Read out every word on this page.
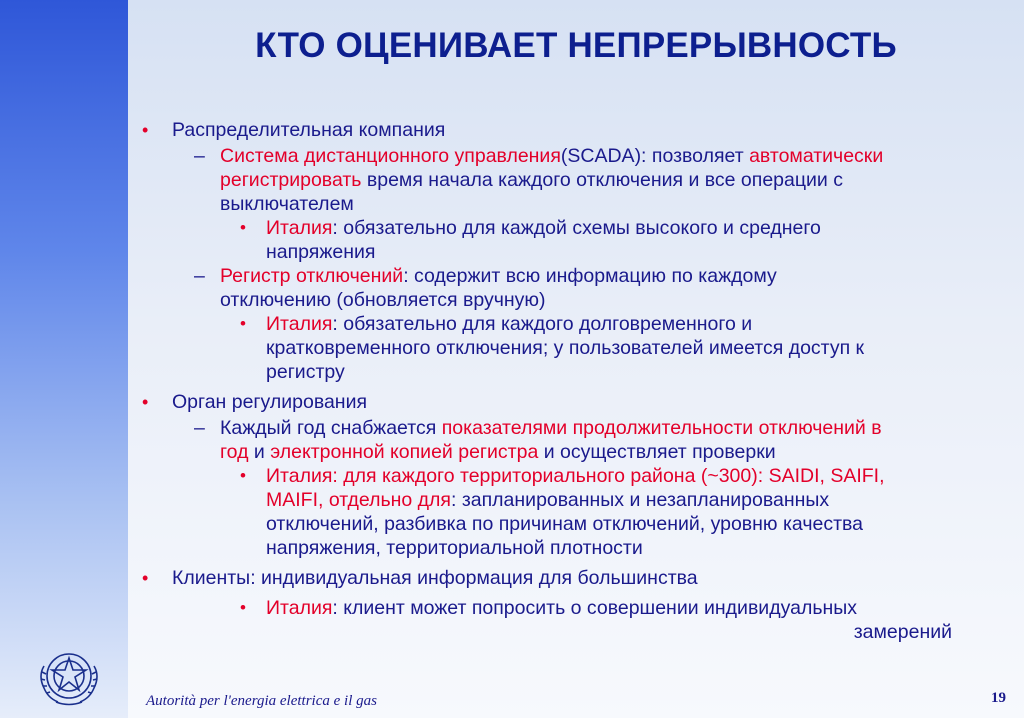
КТО ОЦЕНИВАЕТ НЕПРЕРЫВНОСТЬ
• Распределительная компания
– Система дистанционного управления(SCADA): позволяет автоматически
регистрировать время начала каждого отключения и все операции с
выключателем
• Италия: обязательно для каждой схемы высокого и среднего
напряжения
– Регистр отключений: содержит всю информацию по каждому
отключению (обновляется вручную)
• Италия: обязательно для каждого долговременного и
кратковременного отключения; у пользователей имеется доступ к
регистру
• Орган регулирования
– Каждый год снабжается показателями продолжительности отключений в
год и электронной копией регистра и осуществляет проверки
• Италия: для каждого территориального района (~300): SAIDI, SAIFI,
MAIFI, отдельно для: запланированных и незапланированных
отключений, разбивка по причинам отключений, уровню качества
напряжения, территориальной плотности
• Клиенты: индивидуальная информация для большинства
• Италия: клиент может попросить о совершении индивидуальных
замерений
Autorità per l'energia elettrica e il gas	19
